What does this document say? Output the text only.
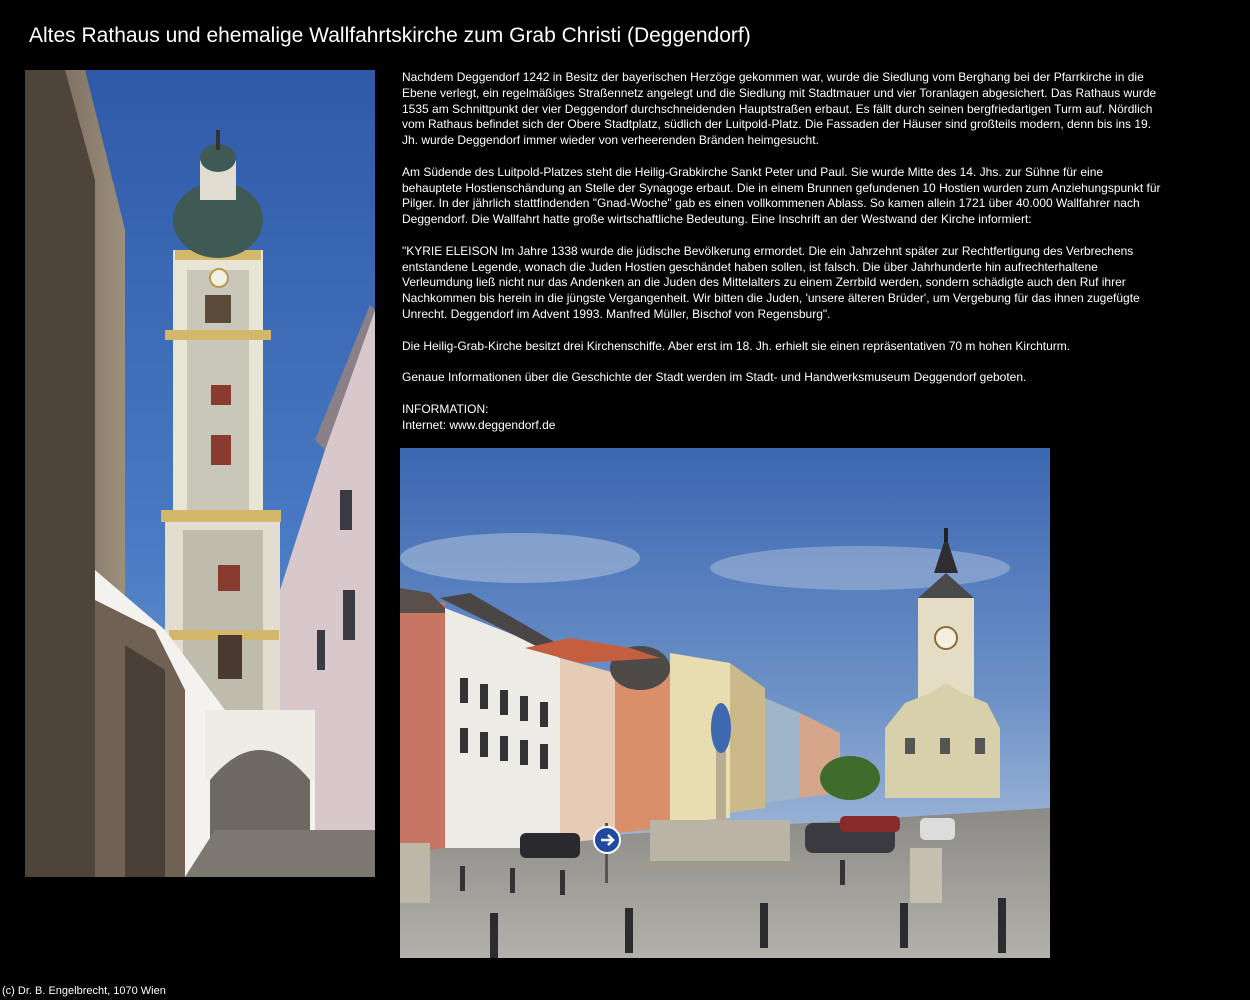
Altes Rathaus und ehemalige Wallfahrtskirche zum Grab Christi (Deggendorf)

Nachdem Deggendorf 1242 in Besitz der bayerischen Herzöge gekommen war, wurde die Siedlung vom Berghang bei der Pfarrkirche in die Ebene verlegt, ein regelmäßiges Straßennetz angelegt und die Siedlung mit Stadtmauer und vier Toranlagen abgesichert. Das Rathaus wurde 1535 am Schnittpunkt der vier Deggendorf durchschneidenden Hauptstraßen erbaut. Es fällt durch seinen bergfriedartigen Turm auf. Nördlich vom Rathaus befindet sich der Obere Stadtplatz, südlich der Luitpold-Platz. Die Fassaden der Häuser sind großteils modern, denn bis ins 19. Jh. wurde Deggendorf immer wieder von verheerenden Bränden heimgesucht.

Am Südende des Luitpold-Platzes steht die Heilig-Grabkirche Sankt Peter und Paul. Sie wurde Mitte des 14. Jhs. zur Sühne für eine behauptete Hostienschändung an Stelle der Synagoge erbaut. Die in einem Brunnen gefundenen 10 Hostien wurden zum Anziehungspunkt für Pilger. In der jährlich stattfindenden "Gnad-Woche" gab es einen vollkommenen Ablass. So kamen allein 1721 über 40.000 Wallfahrer nach Deggendorf. Die Wallfahrt hatte große wirtschaftliche Bedeutung. Eine Inschrift an der Westwand der Kirche informiert:

"KYRIE ELEISON Im Jahre 1338 wurde die jüdische Bevölkerung ermordet. Die ein Jahrzehnt später zur Rechtfertigung des Verbrechens entstandene Legende, wonach die Juden Hostien geschändet haben sollen, ist falsch. Die über Jahrhunderte hin aufrechterhaltene Verleumdung ließ nicht nur das Andenken an die Juden des Mittelalters zu einem Zerrbild werden, sondern schädigte auch den Ruf ihrer Nachkommen bis herein in die jüngste Vergangenheit. Wir bitten die Juden, 'unsere älteren Brüder', um Vergebung für das ihnen zugefügte Unrecht. Deggendorf im Advent 1993. Manfred Müller, Bischof von Regensburg".

Die Heilig-Grab-Kirche besitzt drei Kirchenschiffe. Aber erst im 18. Jh. erhielt sie einen repräsentativen 70 m hohen Kirchturm.

Genaue Informationen über die Geschichte der Stadt werden im Stadt- und Handwerksmuseum Deggendorf geboten.

INFORMATION:
Internet: www.deggendorf.de
(c) Dr. B. Engelbrecht, 1070 Wien
